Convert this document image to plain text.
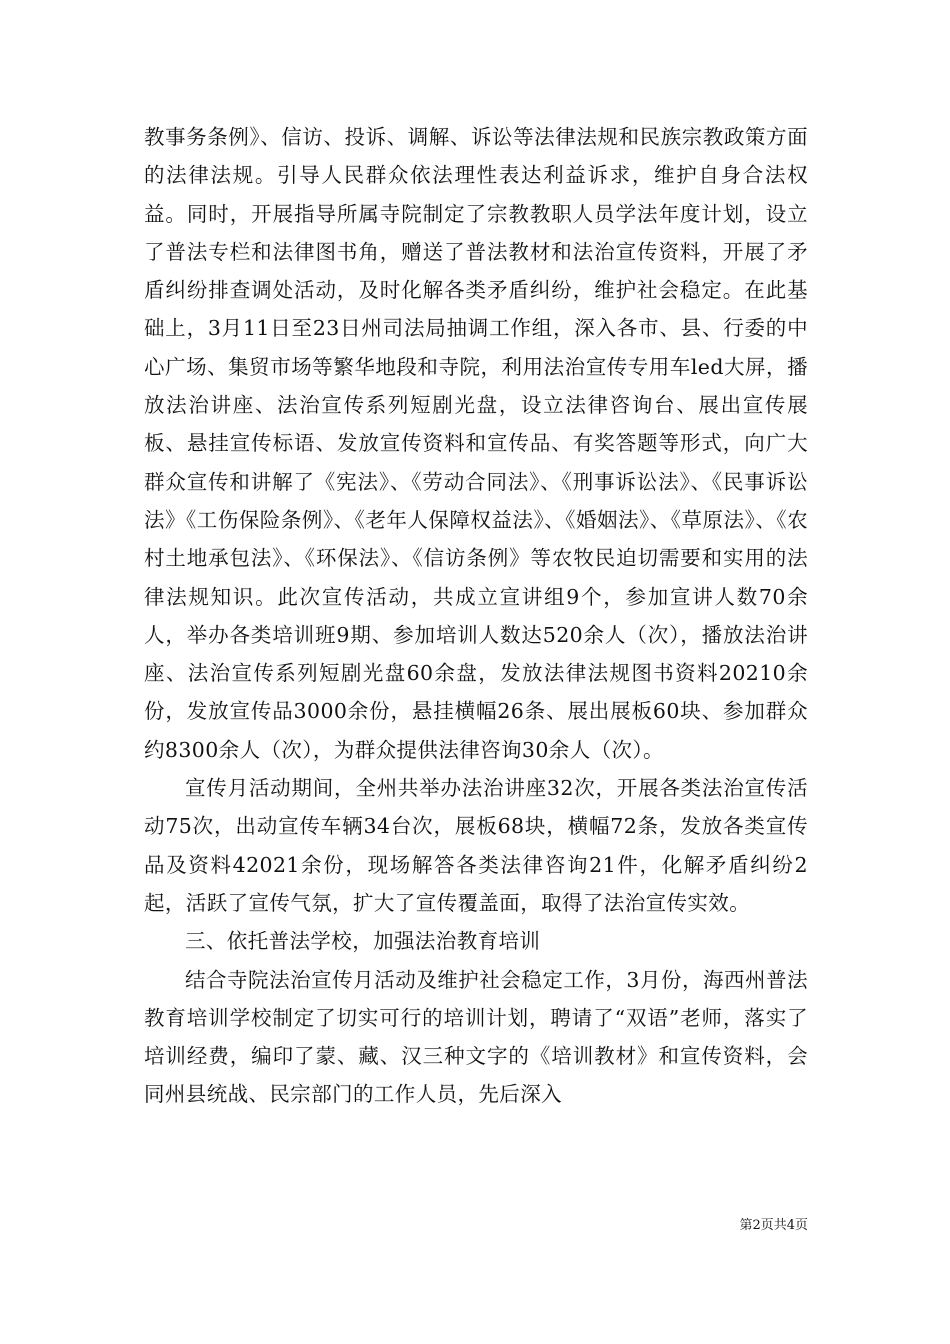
教事务条例》、信访、投诉、调解、诉讼等法律法规和民族宗教政策方面的法律法规。引导人民群众依法理性表达利益诉求，维护自身合法权益。同时，开展指导所属寺院制定了宗教教职人员学法年度计划，设立了普法专栏和法律图书角，赠送了普法教材和法治宣传资料，开展了矛盾纠纷排查调处活动，及时化解各类矛盾纠纷，维护社会稳定。在此基础上，3月11日至23日州司法局抽调工作组，深入各市、县、行委的中心广场、集贸市场等繁华地段和寺院，利用法治宣传专用车led大屏，播放法治讲座、法治宣传系列短剧光盘，设立法律咨询台、展出宣传展板、悬挂宣传标语、发放宣传资料和宣传品、有奖答题等形式，向广大群众宣传和讲解了《宪法》、《劳动合同法》、《刑事诉讼法》、《民事诉讼法》《工伤保险条例》、《老年人保障权益法》、《婚姻法》、《草原法》、《农村土地承包法》、《环保法》、《信访条例》等农牧民迫切需要和实用的法律法规知识。此次宣传活动，共成立宣讲组9个，参加宣讲人数70余人，举办各类培训班9期、参加培训人数达520余人（次），播放法治讲座、法治宣传系列短剧光盘60余盘，发放法律法规图书资料20210余份，发放宣传品3000余份，悬挂横幅26条、展出展板60块、参加群众约8300余人（次），为群众提供法律咨询30余人（次）。

宣传月活动期间，全州共举办法治讲座32次，开展各类法治宣传活动75次，出动宣传车辆34台次，展板68块，横幅72条，发放各类宣传品及资料42021余份，现场解答各类法律咨询21件，化解矛盾纠纷2起，活跃了宣传气氛，扩大了宣传覆盖面，取得了法治宣传实效。

三、依托普法学校，加强法治教育培训

结合寺院法治宣传月活动及维护社会稳定工作，3月份，海西州普法教育培训学校制定了切实可行的培训计划，聘请了“双语”老师，落实了培训经费，编印了蒙、藏、汉三种文字的《培训教材》和宣传资料，会同州县统战、民宗部门的工作人员，先后深入

第2页共4页
